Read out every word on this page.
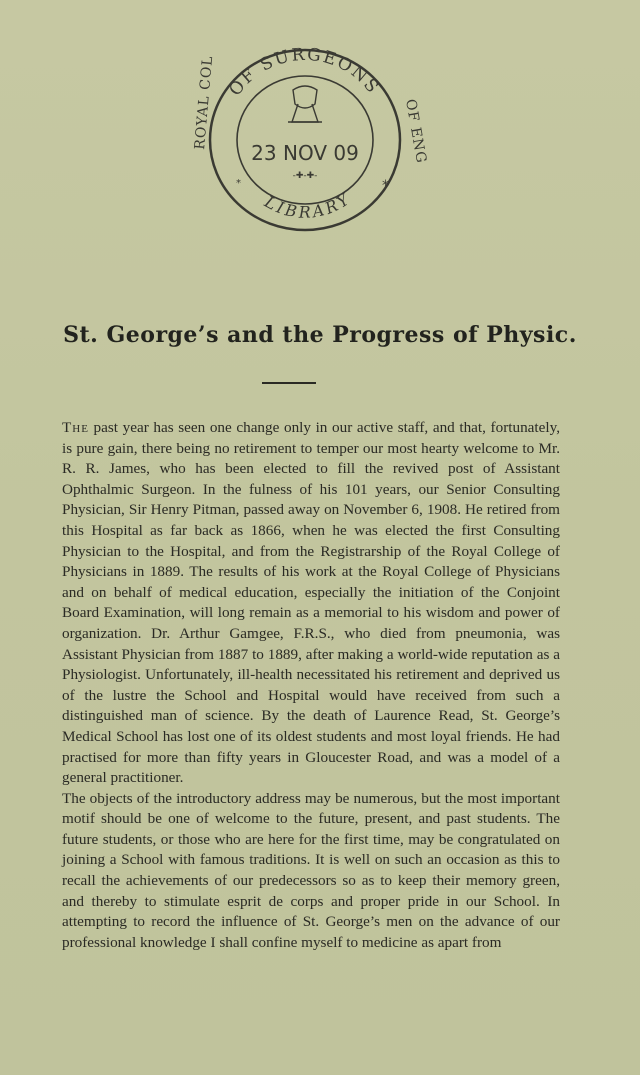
OF SURGEONS
ROYAL COL	OF ENG
23 NOV 09
-✚-✚-
LIBRARY
*
*
St. George’s and the Progress of Physic.

The past year has seen one change only in our active staff, and that, fortunately, is pure gain, there being no retirement to temper our most hearty welcome to Mr. R. R. James, who has been elected to fill the revived post of Assistant Ophthalmic Surgeon. In the fulness of his 101 years, our Senior Consulting Physician, Sir Henry Pitman, passed away on November 6, 1908. He retired from this Hospital as far back as 1866, when he was elected the first Consulting Physician to the Hospital, and from the Registrarship of the Royal College of Physicians in 1889. The results of his work at the Royal College of Physicians and on behalf of medical education, especially the initiation of the Conjoint Board Examination, will long remain as a memorial to his wisdom and power of organization. Dr. Arthur Gamgee, F.R.S., who died from pneumonia, was Assistant Physician from 1887 to 1889, after making a world-wide reputation as a Physiologist. Unfortunately, ill-health necessitated his retirement and deprived us of the lustre the School and Hospital would have received from such a distinguished man of science. By the death of Laurence Read, St. George’s Medical School has lost one of its oldest students and most loyal friends. He had practised for more than fifty years in Gloucester Road, and was a model of a general practitioner.

The objects of the introductory address may be numerous, but the most important motif should be one of welcome to the future, present, and past students. The future students, or those who are here for the first time, may be congratulated on joining a School with famous traditions. It is well on such an occasion as this to recall the achievements of our predecessors so as to keep their memory green, and thereby to stimulate esprit de corps and proper pride in our School. In attempting to record the influence of St. George’s men on the advance of our professional knowledge I shall confine myself to medicine as apart from
